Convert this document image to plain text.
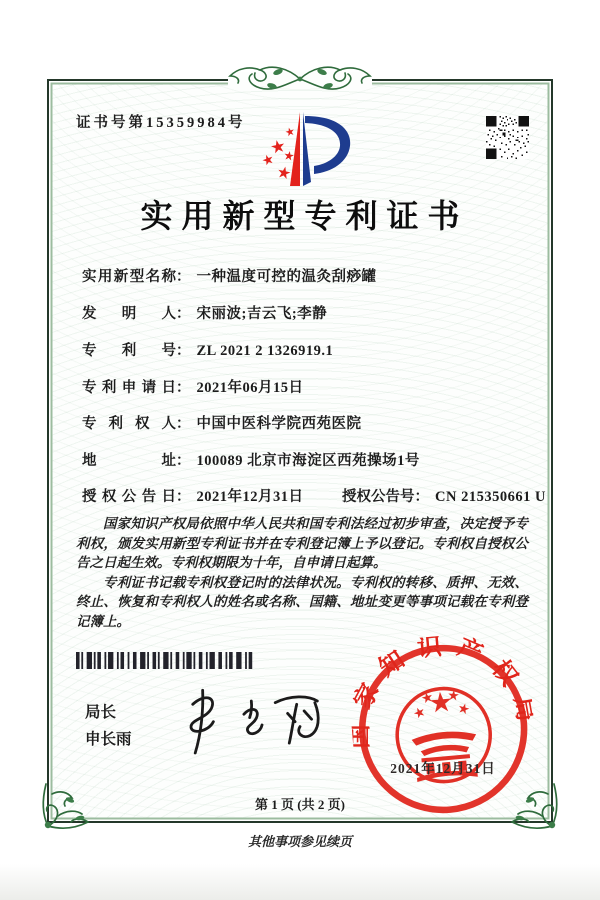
证书号第15359984号
实用新型专利证书
实用新型名称： 一种温度可控的温灸刮痧罐
发明人： 宋丽波;吉云飞;李静
专利号： ZL 2021 2 1326919.1
专利申请日： 2021年06月15日
专利权人： 中国中医科学院西苑医院
地址： 100089 北京市海淀区西苑操场1号
授权公告日： 2021年12月31日	授权公告号： CN 215350661 U

国家知识产权局依照中华人民共和国专利法经过初步审查，决定授予专利权，颁发实用新型专利证书并在专利登记簿上予以登记。专利权自授权公告之日起生效。专利权期限为十年，自申请日起算。

专利证书记载专利权登记时的法律状况。专利权的转移、质押、无效、终止、恢复和专利权人的姓名或名称、国籍、地址变更等事项记载在专利登记簿上。

局长
申长雨	国家知识产权局
2021年12月31日
第 1 页 (共 2 页)
其他事项参见续页
